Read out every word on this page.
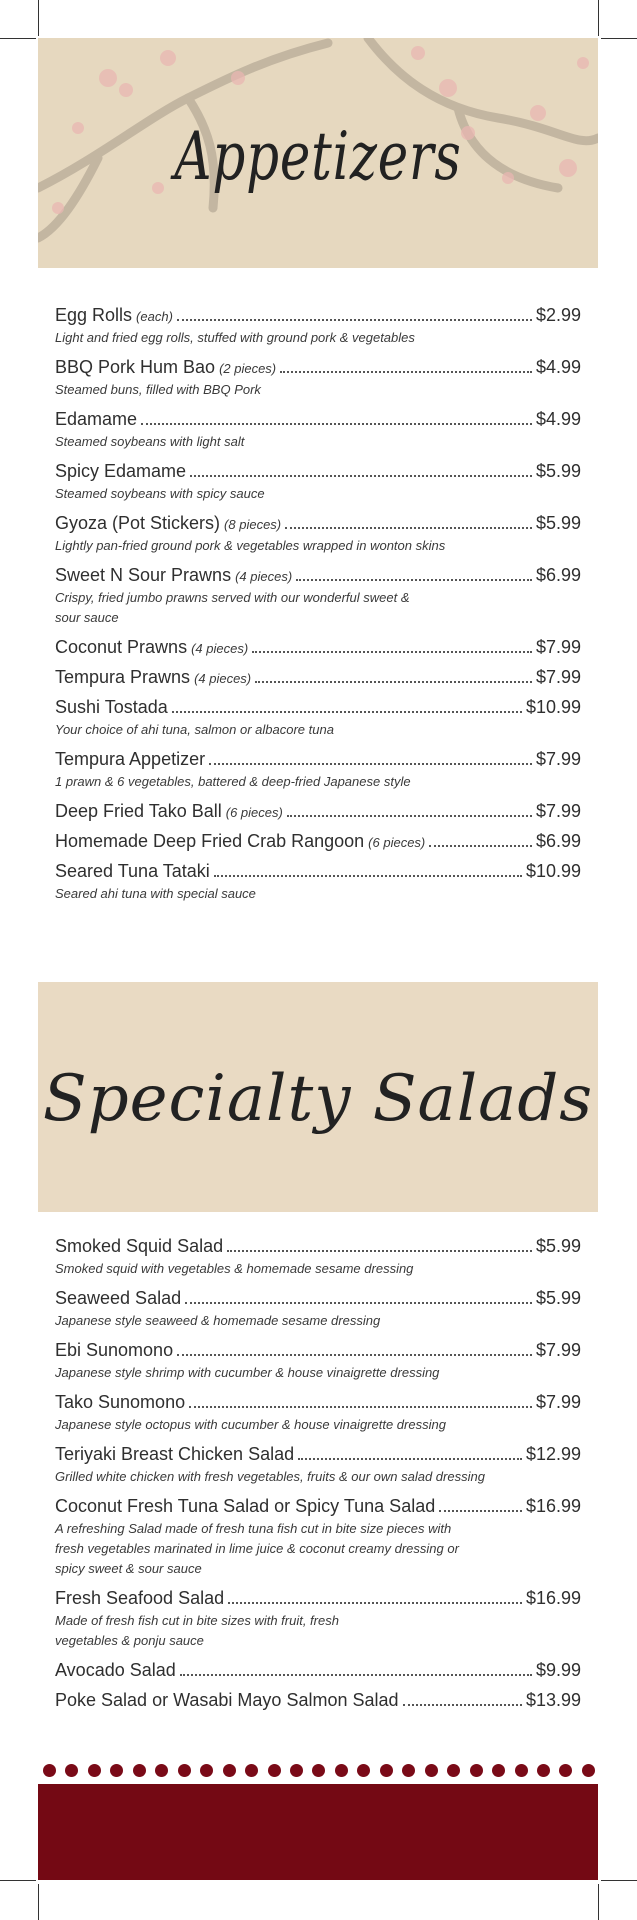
Appetizers
Egg Rolls (each)	$2.99
Light and fried egg rolls, stuffed with ground pork & vegetables
BBQ Pork Hum Bao (2 pieces)	$4.99
Steamed buns, filled with BBQ Pork
Edamame	$4.99
Steamed soybeans with light salt
Spicy Edamame	$5.99
Steamed soybeans with spicy sauce
Gyoza (Pot Stickers) (8 pieces)	$5.99
Lightly pan-fried ground pork & vegetables wrapped in wonton skins
Sweet N Sour Prawns (4 pieces)	$6.99
Crispy, fried jumbo prawns served with our wonderful sweet & sour sauce
Coconut Prawns (4 pieces)	$7.99
Tempura Prawns (4 pieces)	$7.99
Sushi Tostada	$10.99
Your choice of ahi tuna, salmon or albacore tuna
Tempura Appetizer	$7.99
1 prawn & 6 vegetables, battered & deep-fried Japanese style
Deep Fried Tako Ball (6 pieces)	$7.99
Homemade Deep Fried Crab Rangoon (6 pieces)	$6.99
Seared Tuna Tataki	$10.99
Seared ahi tuna with special sauce
Specialty Salads
Smoked Squid Salad	$5.99
Smoked squid with vegetables & homemade sesame dressing
Seaweed Salad	$5.99
Japanese style seaweed & homemade sesame dressing
Ebi Sunomono	$7.99
Japanese style shrimp with cucumber & house vinaigrette dressing
Tako Sunomono	$7.99
Japanese style octopus with cucumber & house vinaigrette dressing
Teriyaki Breast Chicken Salad	$12.99
Grilled white chicken with fresh vegetables, fruits & our own salad dressing
Coconut Fresh Tuna Salad or Spicy Tuna Salad	$16.99
A refreshing Salad made of fresh tuna fish cut in bite size pieces with fresh vegetables marinated in lime juice & coconut creamy dressing or spicy sweet & sour sauce
Fresh Seafood Salad	$16.99
Made of fresh fish cut in bite sizes with fruit, fresh vegetables & ponju sauce
Avocado Salad	$9.99
Poke Salad or Wasabi Mayo Salmon Salad	$13.99
